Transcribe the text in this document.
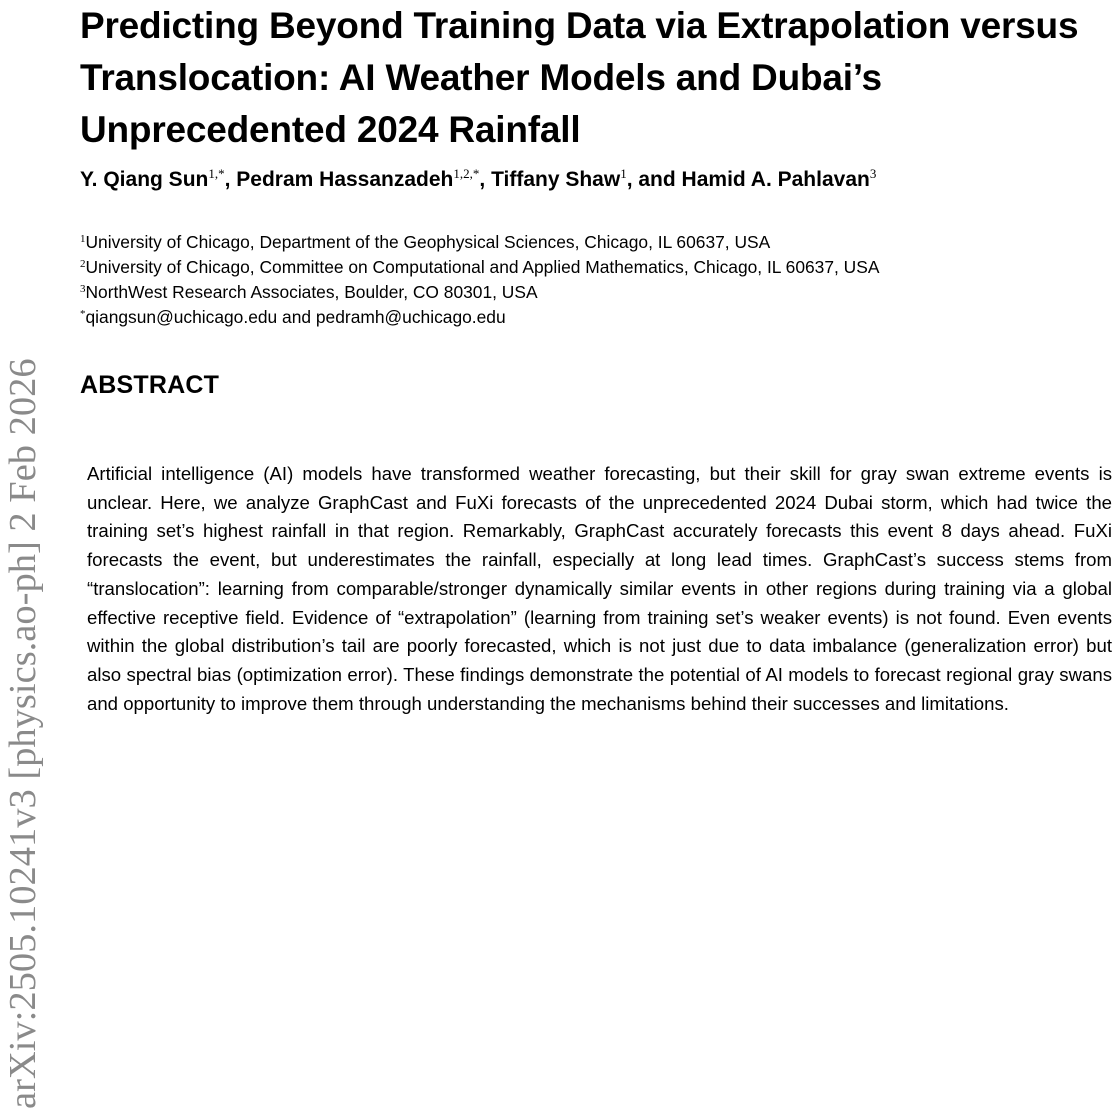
arXiv:2505.10241v3 [physics.ao-ph] 2 Feb 2026
Predicting Beyond Training Data via Extrapolation versus Translocation: AI Weather Models and Dubai’s Unprecedented 2024 Rainfall
Y. Qiang Sun$^{1,*}$, Pedram Hassanzadeh$^{1,2,*}$, Tiffany Shaw$^1$, and Hamid A. Pahlavan$^3$
$^1$University of Chicago, Department of the Geophysical Sciences, Chicago, IL 60637, USA
$^2$University of Chicago, Committee on Computational and Applied Mathematics, Chicago, IL 60637, USA
$^3$NorthWest Research Associates, Boulder, CO 80301, USA
*qiangsun@uchicago.edu and pedramh@uchicago.edu
ABSTRACT

Artificial intelligence (AI) models have transformed weather forecasting, but their skill for gray swan extreme events is unclear. Here, we analyze GraphCast and FuXi forecasts of the unprecedented 2024 Dubai storm, which had twice the training set’s highest rainfall in that region. Remarkably, GraphCast accurately forecasts this event 8 days ahead. FuXi forecasts the event, but underestimates the rainfall, especially at long lead times. GraphCast’s success stems from “translocation”: learning from comparable/stronger dynamically similar events in other regions during training via a global effective receptive field. Evidence of “extrapolation” (learning from training set’s weaker events) is not found. Even events within the global distribution’s tail are poorly forecasted, which is not just due to data imbalance (generalization error) but also spectral bias (optimization error). These findings demonstrate the potential of AI models to forecast regional gray swans and opportunity to improve them through understanding the mechanisms behind their successes and limitations.
